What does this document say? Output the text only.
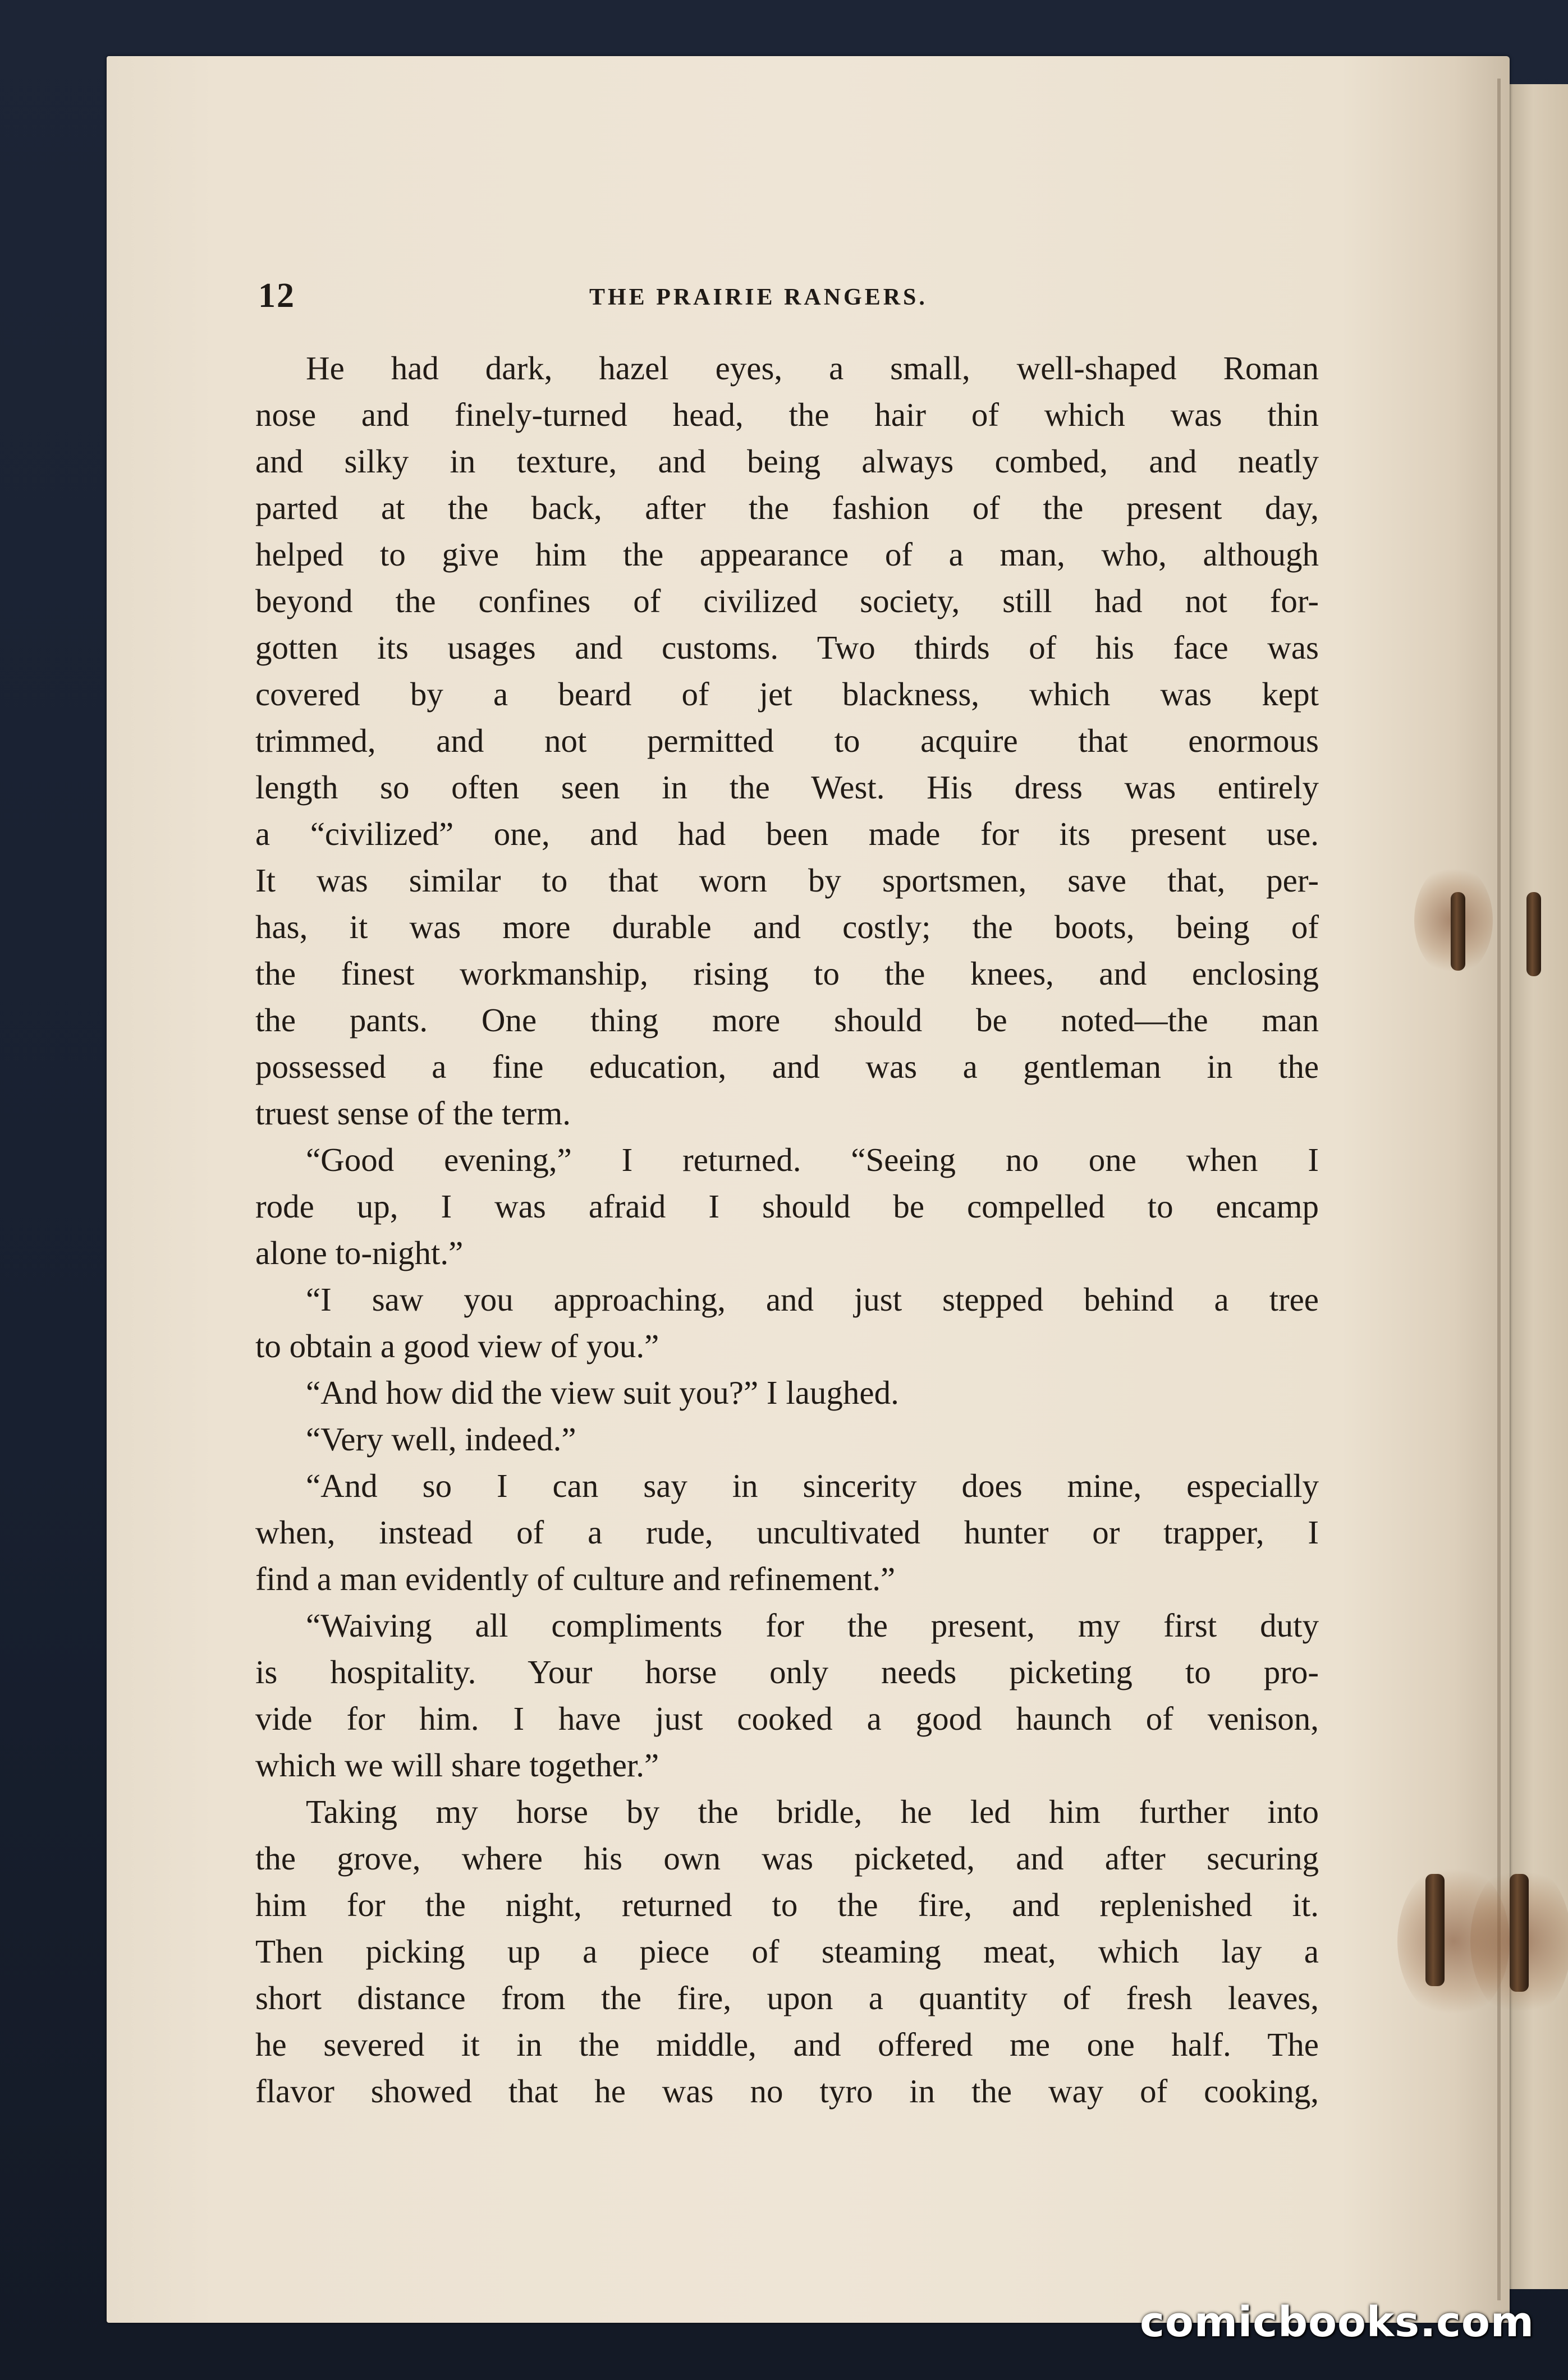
12	THE PRAIRIE RANGERS.
He had dark, hazel eyes, a small, well-shaped Roman
nose and finely-turned head, the hair of which was thin
and silky in texture, and being always combed, and neatly
parted at the back, after the fashion of the present day,
helped to give him the appearance of a man, who, although
beyond the confines of civilized society, still had not for-
gotten its usages and customs. Two thirds of his face was
covered by a beard of jet blackness, which was kept
trimmed, and not permitted to acquire that enormous
length so often seen in the West. His dress was entirely
a “civilized” one, and had been made for its present use.
It was similar to that worn by sportsmen, save that, per-
has, it was more durable and costly; the boots, being of
the finest workmanship, rising to the knees, and enclosing
the pants. One thing more should be noted—the man
possessed a fine education, and was a gentleman in the
truest sense of the term.
“Good evening,” I returned. “Seeing no one when I
rode up, I was afraid I should be compelled to encamp
alone to-night.”
“I saw you approaching, and just stepped behind a tree
to obtain a good view of you.”
“And how did the view suit you?” I laughed.
“Very well, indeed.”
“And so I can say in sincerity does mine, especially
when, instead of a rude, uncultivated hunter or trapper, I
find a man evidently of culture and refinement.”
“Waiving all compliments for the present, my first duty
is hospitality. Your horse only needs picketing to pro-
vide for him. I have just cooked a good haunch of venison,
which we will share together.”
Taking my horse by the bridle, he led him further into
the grove, where his own was picketed, and after securing
him for the night, returned to the fire, and replenished it.
Then picking up a piece of steaming meat, which lay a
short distance from the fire, upon a quantity of fresh leaves,
he severed it in the middle, and offered me one half. The
flavor showed that he was no tyro in the way of cooking,
comicbooks.com
